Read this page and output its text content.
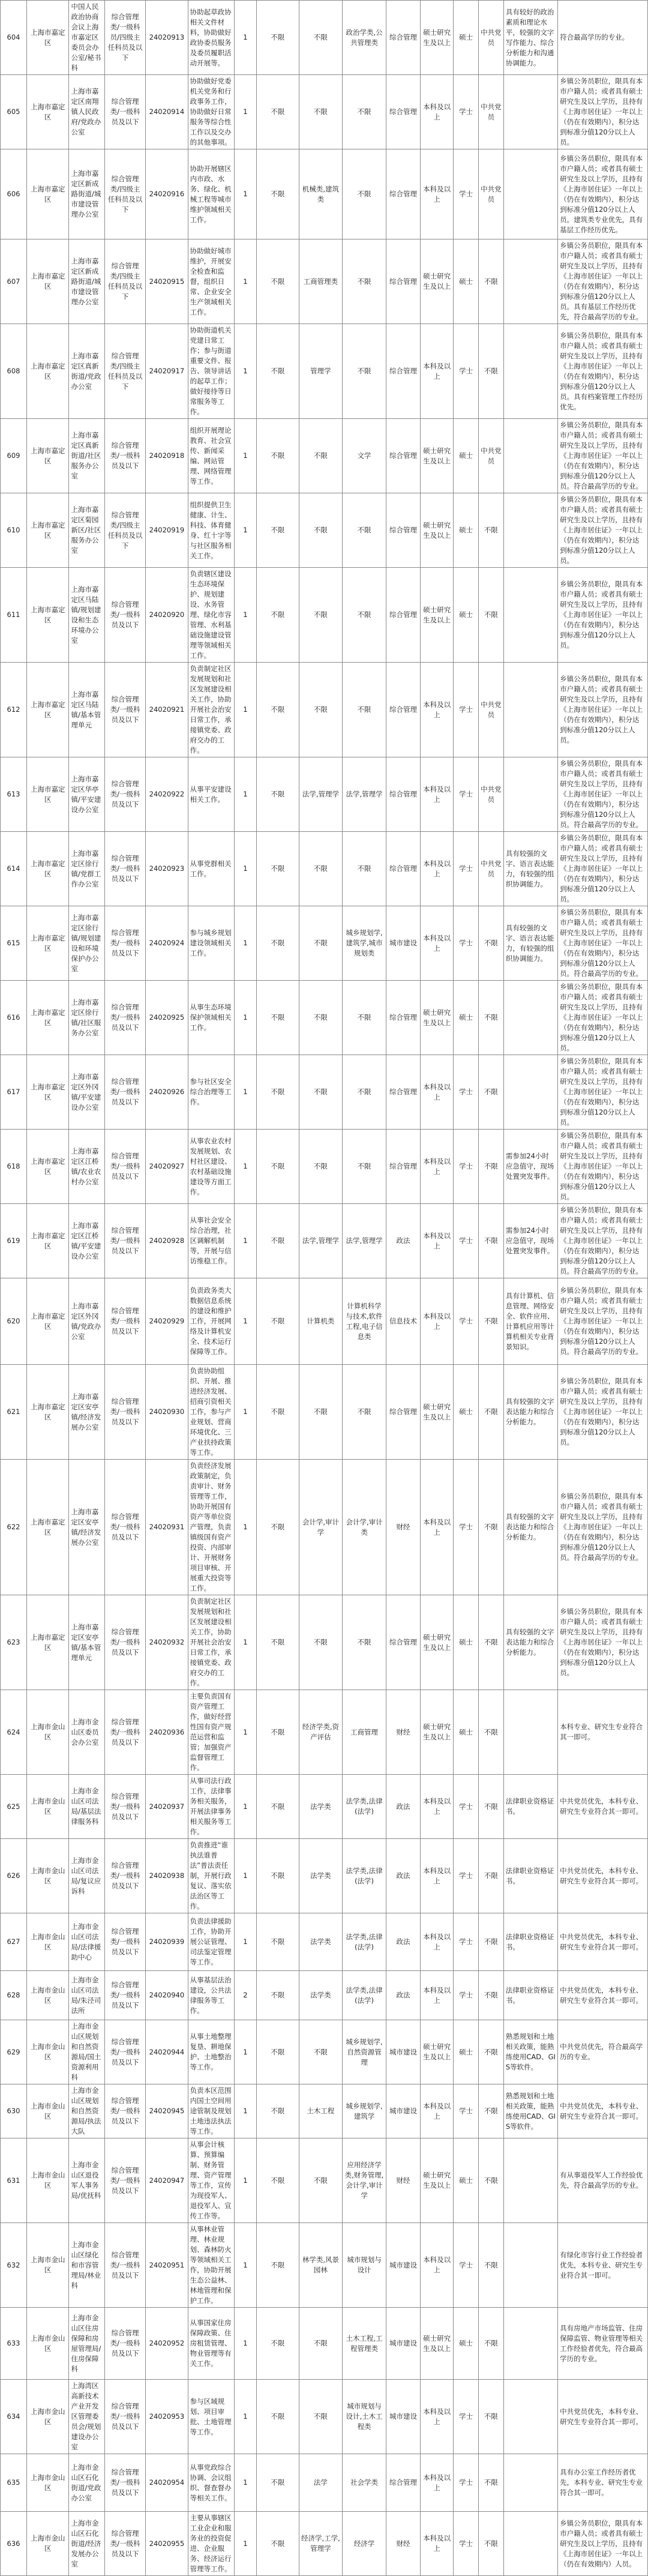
604	上海市嘉定区	中国人民政治协商会议上海市嘉定区委员会办公室/秘书科	综合管理类/一级科员/四级主任科员及以下	24020913	协助起草政协相关文件材料，协助做好政协委员服务及委员履职活动开展等。	1	不限	不限	政治学类,公共管理类	综合管理	硕士研究生及以上	硕士	中共党员	具有较好的政治素质和理论水平，较强的文字写作能力、综合分析能力和沟通协调能力。	符合最高学历的专业。
605	上海市嘉定区	上海市嘉定区南翔镇人民政府/党政办公室	综合管理类/一级科员及以下	24020914	协助做好党委机关党务和行政事务工作，协助做好日常服务等综合性工作以及交办的其他事项。	1	不限	不限	不限	综合管理	本科及以上	学士	中共党员		乡镇公务员职位，限具有本市户籍人员；或者具有硕士研究生及以上学历，且持有《上海市居住证》一年以上（仍在有效期内），积分达到标准分值120分以上人员。
606	上海市嘉定区	上海市嘉定区新成路街道/城市建设管理办公室	综合管理类/四级主任科员及以下	24020916	协助开展辖区内市政、水务、绿化、机械工程等城市维护领域相关工作。	1	不限	机械类,建筑类	不限	综合管理	本科及以上	学士	中共党员		乡镇公务员职位，限具有本市户籍人员；或者具有硕士研究生及以上学历，且持有《上海市居住证》一年以上（仍在有效期内），积分达到标准分值120分以上人员。建筑类专业优先，具有基层工作经历优先。
607	上海市嘉定区	上海市嘉定区新成路街道/城市建设管理办公室	综合管理类/四级主任科员及以下	24020915	协助做好城市维护，开展安全检查和监督，组织日常、企业安全生产领域相关工作。	1	不限	工商管理类	不限	综合管理	硕士研究生及以上	硕士	不限		乡镇公务员职位，限具有本市户籍人员；或者具有硕士研究生及以上学历，且持有《上海市居住证》一年以上（仍在有效期内），积分达到标准分值120分以上人员。具有基层工作经历优先，符合最高学历的专业。
608	上海市嘉定区	上海市嘉定区真新街道/党政办公室	综合管理类/四级主任科员及以下	24020917	协助街道机关党建日常工作；参与街道重要文件、报告、领导讲话的起草工作；做好接待等日常服务等工作。	1	不限	管理学	不限	综合管理	本科及以上	学士	不限		乡镇公务员职位，限具有本市户籍人员；或者具有硕士研究生及以上学历，且持有《上海市居住证》一年以上（仍在有效期内），积分达到标准分值120分以上人员。具有档案管理工作经历优先。
609	上海市嘉定区	上海市嘉定区真新街道/社区服务办公室	综合管理类/一级科员及以下	24020918	组织开展理论教育、社会宣传、新闻采编、网站管理、网络管理等工作。	1	不限	不限	文学	综合管理	硕士研究生及以上	硕士	中共党员		乡镇公务员职位，限具有本市户籍人员；或者具有硕士研究生及以上学历，且持有《上海市居住证》一年以上（仍在有效期内），积分达到标准分值120分以上人员。符合最高学历的专业。
610	上海市嘉定区	上海市嘉定区菊园新区/社区服务办公室	综合管理类/四级主任科员及以下	24020919	组织提供卫生健康、计生、科技、体育健身、红十字等与社区服务相关工作。	1	不限	不限	不限	综合管理	硕士研究生及以上	硕士	不限		乡镇公务员职位，限具有本市户籍人员；或者具有硕士研究生及以上学历，且持有《上海市居住证》一年以上（仍在有效期内），积分达到标准分值120分以上人员。
611	上海市嘉定区	上海市嘉定区马陆镇/规划建设和生态环境办公室	综合管理类/一级科员及以下	24020920	负责辖区建设生态环境保护、规划建设、水务管理、绿化市容管理、水利基础设施建设管理等领域相关工作。	1	不限	不限	不限	综合管理	硕士研究生及以上	硕士	不限		乡镇公务员职位，限具有本市户籍人员；或者具有硕士研究生及以上学历，且持有《上海市居住证》一年以上（仍在有效期内），积分达到标准分值120分以上人员。
612	上海市嘉定区	上海市嘉定区马陆镇/基本管理单元	综合管理类/一级科员及以下	24020921	负责制定社区发展规划和社区发展建设相关工作，协助开展社会治安日常工作，承接镇党委、政府交办的工作。	1	不限	不限	不限	综合管理	本科及以上	学士	中共党员		乡镇公务员职位，限具有本市户籍人员；或者具有硕士研究生及以上学历，且持有《上海市居住证》一年以上（仍在有效期内），积分达到标准分值120分以上人员。
613	上海市嘉定区	上海市嘉定区华亭镇/平安建设办公室	综合管理类/一级科员及以下	24020922	从事平安建设相关工作。	1	不限	法学,管理学	法学,管理学	综合管理	本科及以上	学士	中共党员		乡镇公务员职位，限具有本市户籍人员；或者具有硕士研究生及以上学历，且持有《上海市居住证》一年以上（仍在有效期内），积分达到标准分值120分以上人员。符合最高学历的专业。
614	上海市嘉定区	上海市嘉定区徐行镇/党群工作办公室	综合管理类/一级科员及以下	24020923	从事党群相关工作。	1	不限	不限	不限	综合管理	本科及以上	学士	中共党员	具有较强的文字、语言表达能力，有较强的组织协调能力。	乡镇公务员职位，限具有本市户籍人员；或者具有硕士研究生及以上学历，且持有《上海市居住证》一年以上（仍在有效期内），积分达到标准分值120分以上人员。
615	上海市嘉定区	上海市嘉定区徐行镇/规划建设和环境保护办公室	综合管理类/一级科员及以下	24020924	参与城乡规划建设领域相关工作。	1	不限	不限	城乡规划学,建筑学,城市规划类	城市建设	本科及以上	学士	不限	具有较强的文字、语言表达能力，有较强的组织协调能力。	乡镇公务员职位，限具有本市户籍人员；或者具有硕士研究生及以上学历，且持有《上海市居住证》一年以上（仍在有效期内），积分达到标准分值120分以上人员。符合最高学历的专业。
616	上海市嘉定区	上海市嘉定区徐行镇/社区服务办公室	综合管理类/一级科员及以下	24020925	从事生态环境保护领域相关工作。	1	不限	不限	不限	综合管理	硕士研究生及以上	硕士	不限		乡镇公务员职位，限具有本市户籍人员；或者具有硕士研究生及以上学历，且持有《上海市居住证》一年以上（仍在有效期内），积分达到标准分值120分以上人员。
617	上海市嘉定区	上海市嘉定区外冈镇/平安建设办公室	综合管理类/一级科员及以下	24020926	参与社区安全综合治理等工作。	1	不限	不限	不限	综合管理	本科及以上	学士	不限		乡镇公务员职位，限具有本市户籍人员；或者具有硕士研究生及以上学历，且持有《上海市居住证》一年以上（仍在有效期内），积分达到标准分值120分以上人员。
618	上海市嘉定区	上海市嘉定区江桥镇/农业农村办公室	综合管理类/一级科员及以下	24020927	从事农业农村发展规划、农村社区建设、农村基础设施建设等方面工作。	1	不限	不限	不限	综合管理	本科及以上	学士	不限	需参加24小时应急值守，现场处置突发事件。	乡镇公务员职位，限具有本市户籍人员；或者具有硕士研究生及以上学历，且持有《上海市居住证》一年以上（仍在有效期内），积分达到标准分值120分以上人员。
619	上海市嘉定区	上海市嘉定区江桥镇/平安建设办公室	综合管理类/一级科员及以下	24020928	从事社会安全综合治理，社区调解机制等，开展与信访维稳工作。	1	不限	法学,管理学	法学,管理学	政法	本科及以上	学士	不限	需参加24小时应急值守，现场处置突发事件。	乡镇公务员职位，限具有本市户籍人员；或者具有硕士研究生及以上学历，且持有《上海市居住证》一年以上（仍在有效期内），积分达到标准分值120分以上人员。符合最高学历的专业。
620	上海市嘉定区	上海市嘉定区外冈镇/党政办公室	综合管理类/一级科员及以下	24020929	负责政务类大数据信息系统的建设和维护工作，开展网络及计算机安全、技术运行保障等工作。	1	不限	计算机类	计算机科学与技术,软件工程,电子信息类	信息技术	本科及以上	学士	不限	具有计算机、信息管理、网络安全、软件应用、计算机应用等计算机相关专业背景知识。	乡镇公务员职位，限具有本市户籍人员；或者具有硕士研究生及以上学历，且持有《上海市居住证》一年以上（仍在有效期内），积分达到标准分值120分以上人员。符合最高学历的专业。
621	上海市嘉定区	上海市嘉定区安亭镇/经济发展办公室	综合管理类/一级科员及以下	24020930	负责协助组织、开展、推进经济发展、招商引资相关工作，参与产业规划、营商环境优化、三产业扶持政策等工作。	1	不限	不限	不限	综合管理	硕士研究生及以上	硕士	不限	具有较强的文字表达能力和综合分析能力。	乡镇公务员职位，限具有本市户籍人员；或者具有硕士研究生及以上学历，且持有《上海市居住证》一年以上（仍在有效期内），积分达到标准分值120分以上人员。
622	上海市嘉定区	上海市嘉定区安亭镇/经济发展办公室	综合管理类/一级科员及以下	24020931	负责经济发展政策制定，负责审计、财务管理等工作，协助开展国有资产等单位资产管理，负责镇级国有资产投资、内部审计、开展财务项目审核、开展重大投资等工作。	1	不限	会计学,审计学	会计学,审计类	财经	本科及以上	学士	不限	具有较强的文字表达能力和综合分析能力。	乡镇公务员职位，限具有本市户籍人员；或者具有硕士研究生及以上学历，且持有《上海市居住证》一年以上（仍在有效期内），积分达到标准分值120分以上人员。符合最高学历的专业。
623	上海市嘉定区	上海市嘉定区安亭镇/基本管理单元	综合管理类/一级科员及以下	24020932	负责制定社区发展规划和社区发展建设相关工作，协助开展社会治安日常工作，承接镇党委、政府交办的工作。	1	不限	不限	不限	综合管理	硕士研究生及以上	硕士	不限	具有较强的文字表达能力和综合分析能力。	乡镇公务员职位，限具有本市户籍人员；或者具有硕士研究生及以上学历，且持有《上海市居住证》一年以上（仍在有效期内），积分达到标准分值120分以上人员。
624	上海市金山区	上海市金山区委员会办公室	综合管理类/一级科员及以下	24020936	主要负责国有资产管理工作，做好经营性国有资产规范运营和监管；加强资产监督管理工作。	1	不限	经济学类,资产评估	工商管理	财经	硕士研究生及以上	硕士	不限		本科专业、研究生专业符合其一即可。
625	上海市金山区	上海市金山区司法局/基层法律服务科	综合管理类/一级科员及以下	24020937	从事司法行政工作，法律事务相关服务，开展法律事务相关服务等工作。	1	不限	法学类	法学类,法律(法学)	政法	本科及以上	学士	不限	法律职业资格证书。	中共党员优先，本科专业、研究生专业符合其一即可。
626	上海市金山区	上海市金山区司法局/复议应诉科	综合管理类/一级科员及以下	24020938	负责推进“谁执法谁普法”普法责任制，开展行政复议、落实依法治区等工作。	1	不限	法学类	法学类,法律(法学)	政法	本科及以上	学士	不限	法律职业资格证书。	中共党员优先，本科专业、研究生专业符合其一即可。
627	上海市金山区	上海市金山区司法局/法律援助中心	综合管理类/一级科员及以下	24020939	负责法律援助工作，协助开展公证管理、司法鉴定管理等工作。	1	不限	法学类	法学类,法律(法学)	政法	本科及以上	学士	不限	法律职业资格证书。	中共党员优先，本科专业、研究生专业符合其一即可。
628	上海市金山区	上海市金山区司法局/朱泾司法所	综合管理类/一级科员及以下	24020940	从事基层法治建设，公共法律服务等工作。	2	不限	法学类	法学类,法律(法学)	政法	本科及以上	学士	不限	法律职业资格证书。	中共党员优先，本科专业、研究生专业符合其一即可。
629	上海市金山区	上海市金山区规划和自然资源局/国土资源利用科	综合管理类/一级科员及以下	24020944	从事土地整理复垦、耕地保护、土地整治等工作。	1	不限	不限	城乡规划学,自然资源管理	城市建设	硕士研究生及以上	硕士	不限	熟悉规划和土地相关政策，能熟练使用CAD、GIS等软件。	中共党员优先，符合最高学历的专业。
630	上海市金山区	上海市金山区规划和自然资源局/执法大队	综合管理类/一级科员及以下	24020945	负责本区范围内国土空间用途管制及规划土地违法执法等工作。	1	不限	土木工程	城乡规划学,建筑学	城市建设	本科及以上	学士	不限	熟悉规划和土地相关政策，能熟练使用CAD、GIS等软件。	中共党员优先，本科专业、研究生专业符合其一即可。
631	上海市金山区	上海市金山区退役军人事务局/优抚科	综合管理类/一级科员及以下	24020947	从事会计核算、预算编制、财务管理、资产管理等工作，宣传为现役军人、退役军人、宣传工作等。	1	不限	不限	应用经济学类,财务管理,会计学,审计学	财经	硕士研究生及以上	硕士	不限		有从事退役军人工作经验优先，符合最高学历的专业。
632	上海市金山区	上海市金山区绿化和市容管理局/林业科	综合管理类/一级科员及以下	24020951	从事林业管理、林业规划、森林防火等领域相关工作，协助开展生态公益林、林地管理和保护工作。	1	不限	林学类,风景园林	城市规划与设计	城市建设	本科及以上	学士	不限		有绿化市容行业工作经验者优先，本科专业、研究生专业符合其一即可。
633	上海市金山区	上海市金山区住房保障和房屋管理局/住房保障科	综合管理类/一级科员及以下	24020952	从事国家住房保障政策、住房租赁管理、物业管理等有关工作。	1	不限	不限	土木工程,工程管理类	城市建设	硕士研究生及以上	硕士	不限		具有房地产市场监管、住房保障监管、物业管理等相关工作经验者优先，符合最高学历的专业。
634	上海市金山区	上海湾区高新技术产业开发区管理委员会/规划建设办公室	综合管理类/一级科员及以下	24020953	参与区域规划、项目审批、土地管理等工作。	1	不限	不限	城市规划与设计,土木工程类	城市建设	本科及以上	学士	不限		中共党员优先，本科专业、研究生专业符合其一即可。
635	上海市金山区	上海市金山区石化街道/党政办公室	综合管理类/一级科员及以下	24020954	从事党政综合协调、会议组织、督查督办等相关工作。	1	不限	法学	社会学类	综合管理	本科及以上	学士	不限		具有办公室工作经历者优先，本科专业、研究生专业符合其一即可。
636	上海市金山区	上海市金山区石化街道/经济发展办公室	综合管理类/一级科员及以下	24020955	主要从事辖区工业企业和服务业的投资促进、企业服务、经济运行管理等工作。	1	不限	经济学,工学,管理学	经济学	财经	本科及以上	学士	不限		乡镇公务员职位，限具有本市户籍人员；或者具有硕士研究生及以上学历，且持有《上海市居住证》一年以上（仍在有效期内）人员。
